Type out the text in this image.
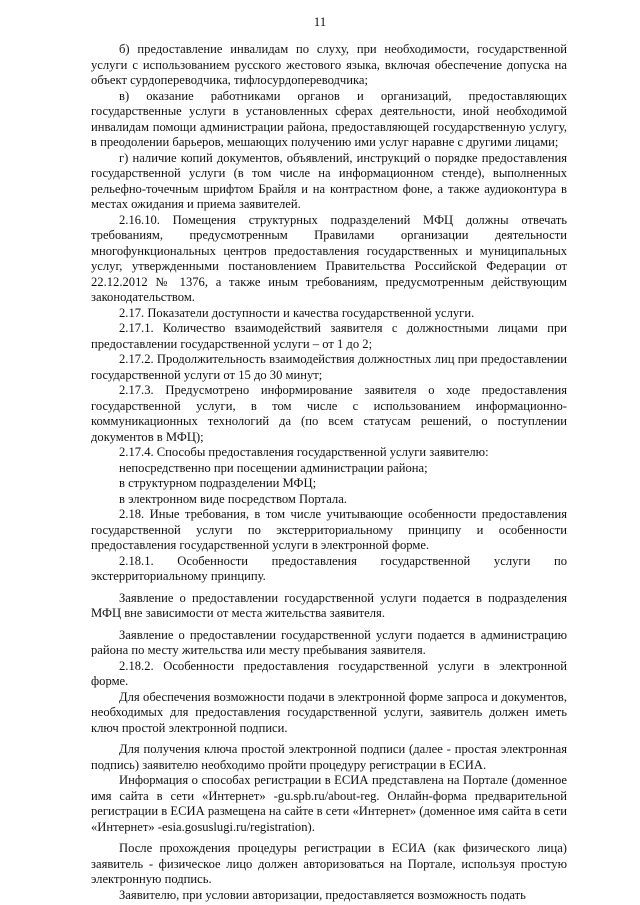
11

б) предоставление инвалидам по слуху, при необходимости, государственной услуги с использованием русского жестового языка, включая обеспечение допуска на объект сурдопереводчика, тифлосурдопереводчика;

в) оказание работниками органов и организаций, предоставляющих государственные услуги в установленных сферах деятельности, иной необходимой инвалидам помощи администрации района, предоставляющей государственную услугу, в преодолении барьеров, мешающих получению ими услуг наравне с другими лицами;

г) наличие копий документов, объявлений, инструкций о порядке предоставления государственной услуги (в том числе на информационном стенде), выполненных рельефно-точечным шрифтом Брайля и на контрастном фоне, а также аудиоконтура в местах ожидания и приема заявителей.

2.16.10. Помещения структурных подразделений МФЦ должны отвечать требованиям, предусмотренным Правилами организации деятельности многофункциональных центров предоставления государственных и муниципальных услуг, утвержденными постановлением Правительства Российской Федерации от 22.12.2012 № 1376, а также иным требованиям, предусмотренным действующим законодательством.

2.17. Показатели доступности и качества государственной услуги.

2.17.1. Количество взаимодействий заявителя с должностными лицами при предоставлении государственной услуги – от 1 до 2;

2.17.2. Продолжительность взаимодействия должностных лиц при предоставлении государственной услуги от 15 до 30 минут;

2.17.3. Предусмотрено информирование заявителя о ходе предоставления государственной услуги, в том числе с использованием информационно-коммуникационных технологий да (по всем статусам решений, о поступлении документов в МФЦ);

2.17.4. Способы предоставления государственной услуги заявителю:

непосредственно при посещении администрации района;

в структурном подразделении МФЦ;

в электронном виде посредством Портала.

2.18. Иные требования, в том числе учитывающие особенности предоставления государственной услуги по экстерриториальному принципу и особенности предоставления государственной услуги в электронной форме.

2.18.1. Особенности предоставления государственной услуги по экстерриториальному принципу.

Заявление о предоставлении государственной услуги подается в подразделения МФЦ вне зависимости от места жительства заявителя.

Заявление о предоставлении государственной услуги подается в администрацию района по месту жительства или месту пребывания заявителя.

2.18.2. Особенности предоставления государственной услуги в электронной форме.

Для обеспечения возможности подачи в электронной форме запроса и документов, необходимых для предоставления государственной услуги, заявитель должен иметь ключ простой электронной подписи.

Для получения ключа простой электронной подписи (далее - простая электронная подпись) заявителю необходимо пройти процедуру регистрации в ЕСИА.

Информация о способах регистрации в ЕСИА представлена на Портале (доменное имя сайта в сети «Интернет» -gu.spb.ru/about-reg. Онлайн-форма предварительной регистрации в ЕСИА размещена на сайте в сети «Интернет» (доменное имя сайта в сети «Интернет» -esia.gosuslugi.ru/registration).

После прохождения процедуры регистрации в ЕСИА (как физического лица) заявитель - физическое лицо должен авторизоваться на Портале, используя простую электронную подпись.

Заявителю, при условии авторизации, предоставляется возможность подать
